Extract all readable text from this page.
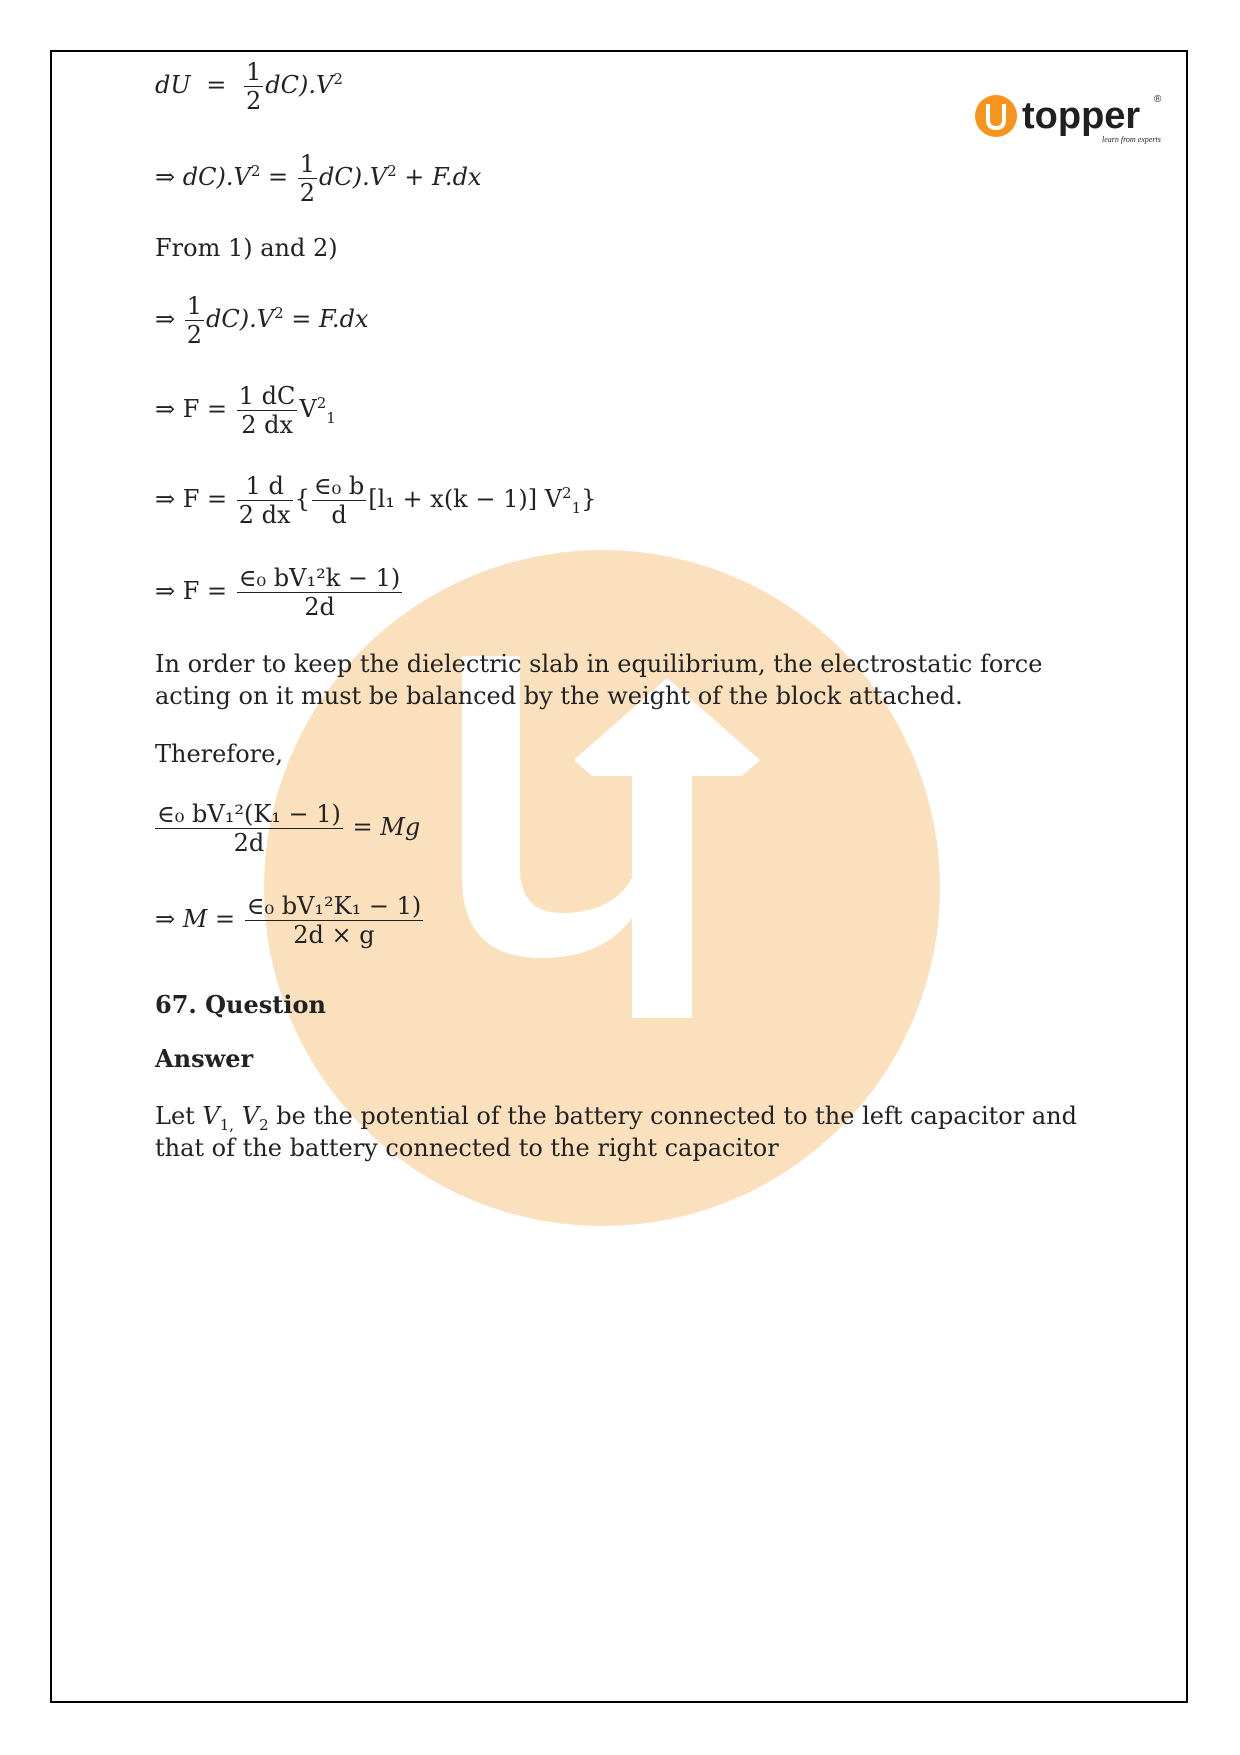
topper ®
learn from experts
dU = $\frac{1}{2} dC).V^2$
⇒ $dC).V^2 = \frac{1}{2} dC).V^2 + F.dx$
From 1) and 2)
⇒ $\frac{1}{2} dC).V^2 = F.dx$
⇒ $F = \frac{1 dC}{2 dx} V^2_1$
⇒ $F = \frac{1 d}{2 dx}$ { $\frac{\text{∈₀ b}}{d} [l_1 + x(k - 1)]$ $V^2_1$}
⇒ $F = \frac{\text{∈₀ bV₁²k − 1)}}{2d}$
In order to keep the dielectric slab in equilibrium, the electrostatic force acting on it must be balanced by the weight of the block attached.
Therefore,
$\frac{\text{∈₀ bV₁²(K₁ − 1)}}{2d} = Mg$
⇒ $M = \frac{\text{∈₀ bV₁²K₁ − 1)}}{2d \times g}$
67. Question
Answer
Let $V_{1,}$ $V_2$ be the potential of the battery connected to the left capacitor and that of the battery connected to the right capacitor
